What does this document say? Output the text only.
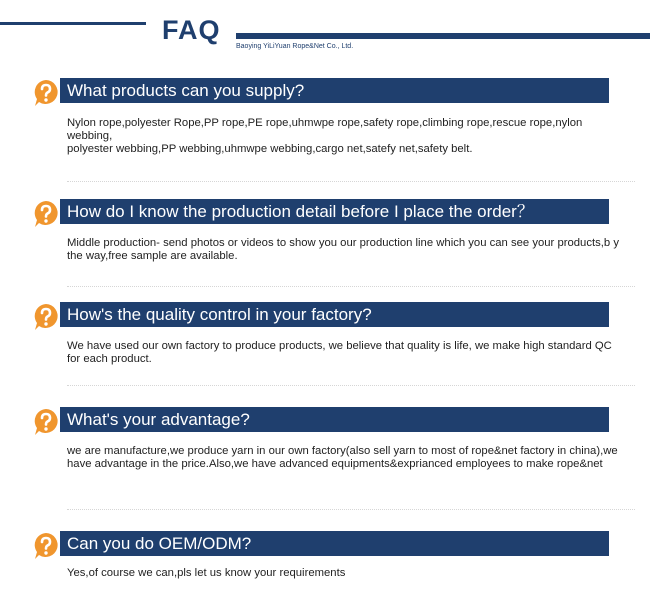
FAQ
Baoying YiLiYuan Rope&Net Co., Ltd.
What products can you supply?
Nylon rope,polyester Rope,PP rope,PE rope,uhmwpe rope,safety rope,climbing rope,rescue rope,nylon webbing,
polyester webbing,PP webbing,uhmwpe webbing,cargo net,satefy net,safety belt.
How do I know the production detail before I place the order？
Middle production- send photos or videos to show you our production line which you can see your products,b y the way,free sample are available.
How's the quality control in your factory?
We have used our own factory to produce products, we believe that quality is life, we make high standard QC for each product.
What's your advantage?
we are manufacture,we produce yarn in our own factory(also sell yarn to most of rope&net factory in china),we have advantage in the price.Also,we have advanced equipments&exprianced employees to make rope&net
Can you do OEM/ODM?
Yes,of course we can,pls let us know your requirements
